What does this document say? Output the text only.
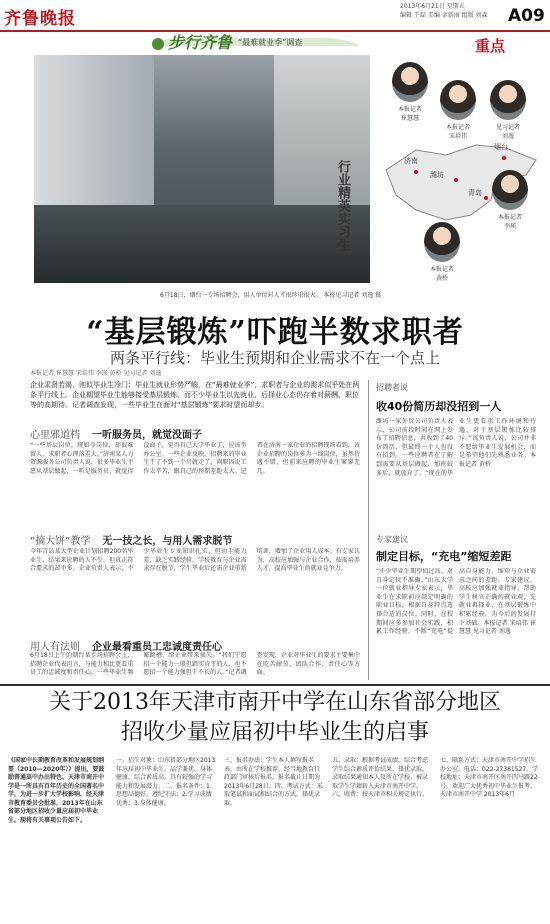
齐鲁晚报
2013年6月21日 星期五
编辑 王磊 美编 金新丽 组版 刘森 A09
步行齐鲁 “最难就业季”调查	重点
行业精英实习生
6月18日，烟台一专场招聘会，用人单位对人才很珍重很大。 本报见习记者 刘逸 摄
本报记者
崔慧慧
本报记者
宋培伟
见习记者
刘逸
济南
烟台
潍坊
青岛
本报记者
李瑛
本报记者
黄桥
“基层锻炼”吓跑半数求职者
两条平行线：毕业生预期和企业需求不在一个点上
本报记者 崔慧慧 宋培伟 李瑛 黄桥 见习记者 刘逸
企业求贤若渴，则似毕业生冷门；毕业生就业形势严峻，在“最难就业季”，求职者与企业的需求似乎处在两条平行线上。企业期望毕业生能够接受基层锻炼，而不少毕业生以先就业、后择业心态仍存着对薪酬、职位等的高期待。记者调查发现，一些毕业生在面对“基层锻炼”要求时望而却步。
心里邪道档 一听服务员，就觉没面子
“一些基层岗位，现如今岗位，却很难留人，求职者心理落差大。”济南某人力资源服务公司负责人说，很多毕业生不愿从基层做起，一听是服务员，就觉得没面子，觉得自己大学毕业了，应该坐办公室。一些企业反映，招聘来的毕业生干了不到一个月就走了，问原因说工作太辛苦，跟自己的预期差距太大。记者在济南一家企业的招聘现场看到，该企业招聘的岗位多为一线岗位，虽然待遇不错，但前来应聘的毕业生寥寥无几。
“摘大饼”教学 无一技之长，与用人需求脱节
今年青岛某大型企业计划招聘200名毕业生，结果来应聘的人不少，但真正符合要求的却不多。企业负责人表示，不少毕业生专业知识扎实，但动手能力差，缺乏实践经验。学校教育与企业需求存在脱节，学生毕业后还需企业重新培训，增加了企业用人成本。有专家认为，高校应加强与企业合作，按需培养人才，提高毕业生的就业竞争力。
用人有法则 企业最看重员工忠诚度责任心
6月18日上午的烟台某专场招聘会上，招聘企业代表坦言，与能力相比更看重员工的忠诚度和责任心。一些毕业生频繁跳槽，给企业带来损失。“我们宁愿招一个能力一般但踏实肯干的人，也不愿招一个能力强但干不长的人。”记者调查发现，企业对毕业生的要求主要集中在吃苦耐劳、团队合作、责任心等方面。
招聘者说
收40份简历却没招到一人
潍坊一家外贸公司负责人表示，公司前段时间在网上发布了招聘信息，共收到了40份简历，但最终一个人也没有招到。一些应聘者在了解到需要从基层做起、加班较多后，就放弃了。“现在的毕业生更看重工作环境和待遇，对于基层锻炼比较排斥。”该负责人说，公司并非不愿给毕业生发展机会，而是希望他们先熟悉业务。本报记者 黄桥
专家建议
制定目标，“充电”缩短差距
“不少毕业生期望值过高，对自身定位不准确。”山东大学一位就业指导专家表示，毕业生在求职前应制定明确的职业目标，根据自身特点选择合适的岗位。同时，在校期间应多参加社会实践，积累工作经验，不断“充电”提高自身能力，缩短与企业需求之间的差距。专家建议，高校应加强就业指导，帮助学生树立正确的就业观，先就业再择业，在基层锻炼中积累经验，为今后的发展打下基础。本报记者 宋培伟 崔慧慧 见习记者 刘逸
关于2013年天津市南开中学在山东省部分地区
招收少量应届初中毕业生的启事
《国家中长期教育改革和发展规划纲要（2010—2020年）》提出，要鼓励普通高中办出特色。天津市南开中学是一所具有百年历史的全国著名中学，为进一步扩大学校影响，经天津市教育委员会批准，2013年在山东省部分地区招收少量应届初中毕业生。现将有关事项公告如下。
一、招生对象：山东省部分地区2013年应届初中毕业生，品学兼优、身体健康，综合素质高，具有较强的学习能力和发展潜力。二、报名条件：1.思想品德好，遵纪守法；2.学习成绩优秀；3.身体健康。
三、报名办法：学生本人填写报名表，由所在学校推荐，经当地教育行政部门审核后报名。报名截止日期为2013年6月28日。四、考试方式：采取笔试和面试相结合的方式，择优录取。
五、录取：根据考试成绩，综合考虑学生综合素质评价结果，择优录取，录取结果通知本人及所在学校。被录取学生学籍转入天津市南开中学。六、收费：按天津市相关规定执行。
七、联系方式：天津市南开中学招生办公室，电话：022-27381527。学校地址：天津市南开区南开四马路22号。欢迎广大优秀初中毕业生报考。天津市南开中学 2013年6月
